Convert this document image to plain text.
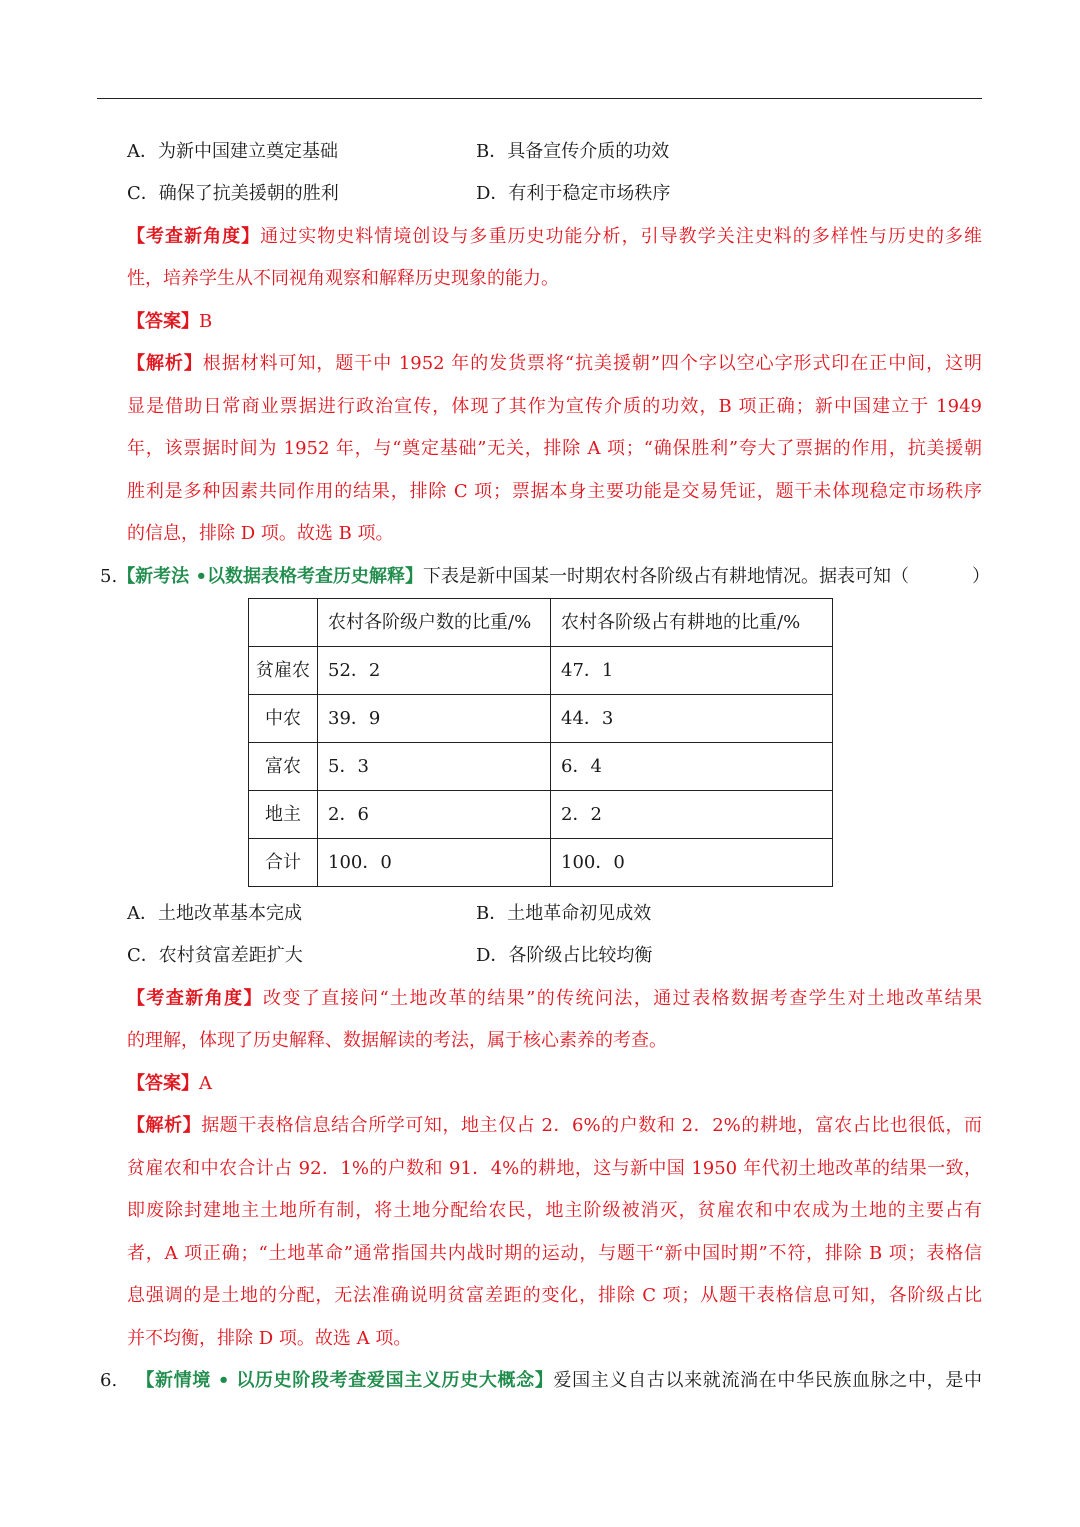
A．为新中国建立奠定基础	B．具备宣传介质的功效
C．确保了抗美援朝的胜利	D．有利于稳定市场秩序
【考查新角度】通过实物史料情境创设与多重历史功能分析，引导教学关注史料的多样性与历史的多维
性，培养学生从不同视角观察和解释历史现象的能力。
【答案】B
【解析】根据材料可知，题干中 1952 年的发货票将“抗美援朝”四个字以空心字形式印在正中间，这明
显是借助日常商业票据进行政治宣传，体现了其作为宣传介质的功效，B 项正确；新中国建立于 1949
年，该票据时间为 1952 年，与“奠定基础”无关，排除 A 项；“确保胜利”夸大了票据的作用，抗美援朝
胜利是多种因素共同作用的结果，排除 C 项；票据本身主要功能是交易凭证，题干未体现稳定市场秩序
的信息，排除 D 项。故选 B 项。
5.【新考法 •以数据表格考查历史解释】下表是新中国某一时期农村各阶级占有耕地情况。据表可知（	）
	农村各阶级户数的比重/%	农村各阶级占有耕地的比重/%
贫雇农	52．2	47．1
中农	39．9	44．3
富农	5．3	6．4
地主	2．6	2．2
合计	100．0	100．0
A．土地改革基本完成	B．土地革命初见成效
C．农村贫富差距扩大	D．各阶级占比较均衡
【考查新角度】改变了直接问“土地改革的结果”的传统问法，通过表格数据考查学生对土地改革结果
的理解，体现了历史解释、数据解读的考法，属于核心素养的考查。
【答案】A
【解析】据题干表格信息结合所学可知，地主仅占 2．6%的户数和 2．2%的耕地，富农占比也很低，而
贫雇农和中农合计占 92．1%的户数和 91．4%的耕地，这与新中国 1950 年代初土地改革的结果一致，
即废除封建地主土地所有制，将土地分配给农民，地主阶级被消灭，贫雇农和中农成为土地的主要占有
者，A 项正确；“土地革命”通常指国共内战时期的运动，与题干“新中国时期”不符，排除 B 项；表格信
息强调的是土地的分配，无法准确说明贫富差距的变化，排除 C 项；从题干表格信息可知，各阶级占比
并不均衡，排除 D 项。故选 A 项。
6. 【新情境 • 以历史阶段考查爱国主义历史大概念】爱国主义自古以来就流淌在中华民族血脉之中，是中
